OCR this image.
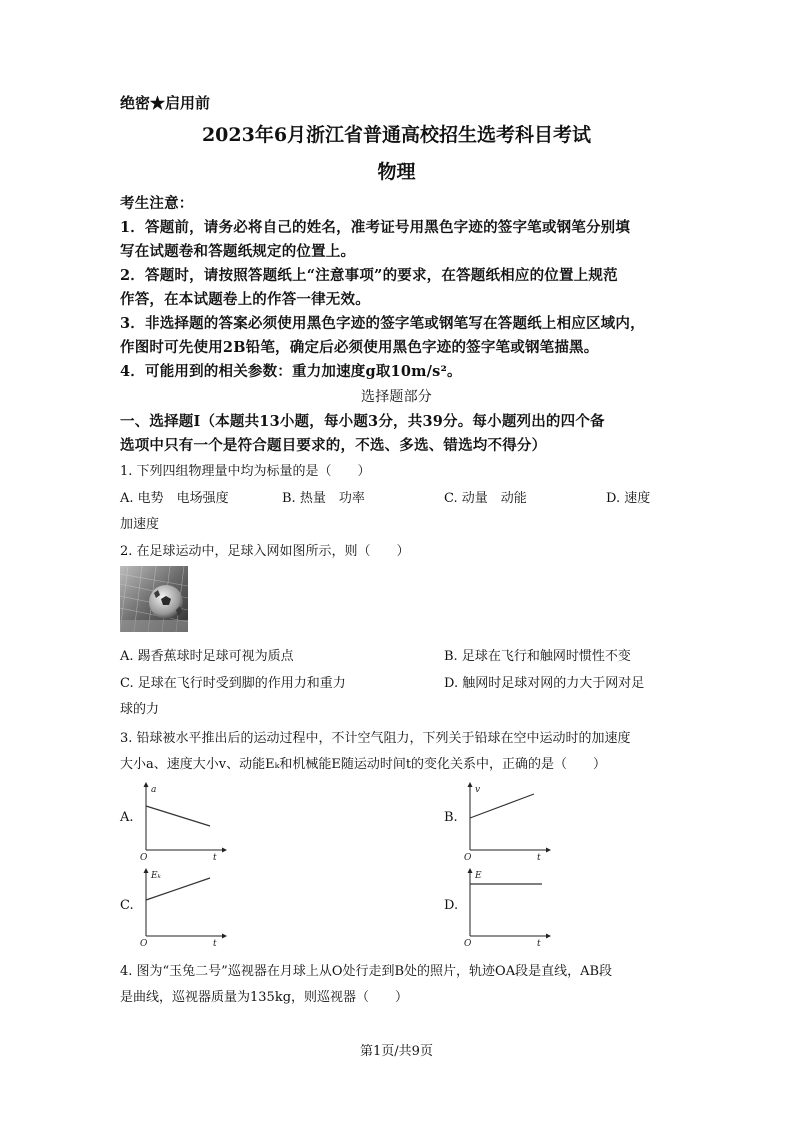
绝密★启用前
2023年6月浙江省普通高校招生选考科目考试
物理
考生注意：
1．答题前，请务必将自己的姓名，准考证号用黑色字迹的签字笔或钢笔分别填
写在试题卷和答题纸规定的位置上。
2．答题时，请按照答题纸上“注意事项”的要求，在答题纸相应的位置上规范
作答，在本试题卷上的作答一律无效。
3．非选择题的答案必须使用黑色字迹的签字笔或钢笔写在答题纸上相应区域内，
作图时可先使用2B铅笔，确定后必须使用黑色字迹的签字笔或钢笔描黑。
4．可能用到的相关参数：重力加速度g取10m/s²。
选择题部分
一、选择题Ⅰ（本题共13小题，每小题3分，共39分。每小题列出的四个备
选项中只有一个是符合题目要求的，不选、多选、错选均不得分）
1. 下列四组物理量中均为标量的是（　　）
A. 电势　电场强度	B. 热量　功率	C. 动量　动能	D. 速度
加速度
2. 在足球运动中，足球入网如图所示，则（　　）
A. 踢香蕉球时足球可视为质点	B. 足球在飞行和触网时惯性不变
C. 足球在飞行时受到脚的作用力和重力	D. 触网时足球对网的力大于网对足
球的力
3. 铅球被水平推出后的运动过程中，不计空气阻力，下列关于铅球在空中运动时的加速度
大小a、速度大小v、动能Eₖ和机械能E随运动时间t的变化关系中，正确的是（　　）
A.
a
t
O
B.
v
t
O
C.
Eₖ
t
O
D.
E
t
O
4. 图为“玉兔二号”巡视器在月球上从O处行走到B处的照片，轨迹OA段是直线，AB段
是曲线，巡视器质量为135kg，则巡视器（　　）
第1页/共9页
